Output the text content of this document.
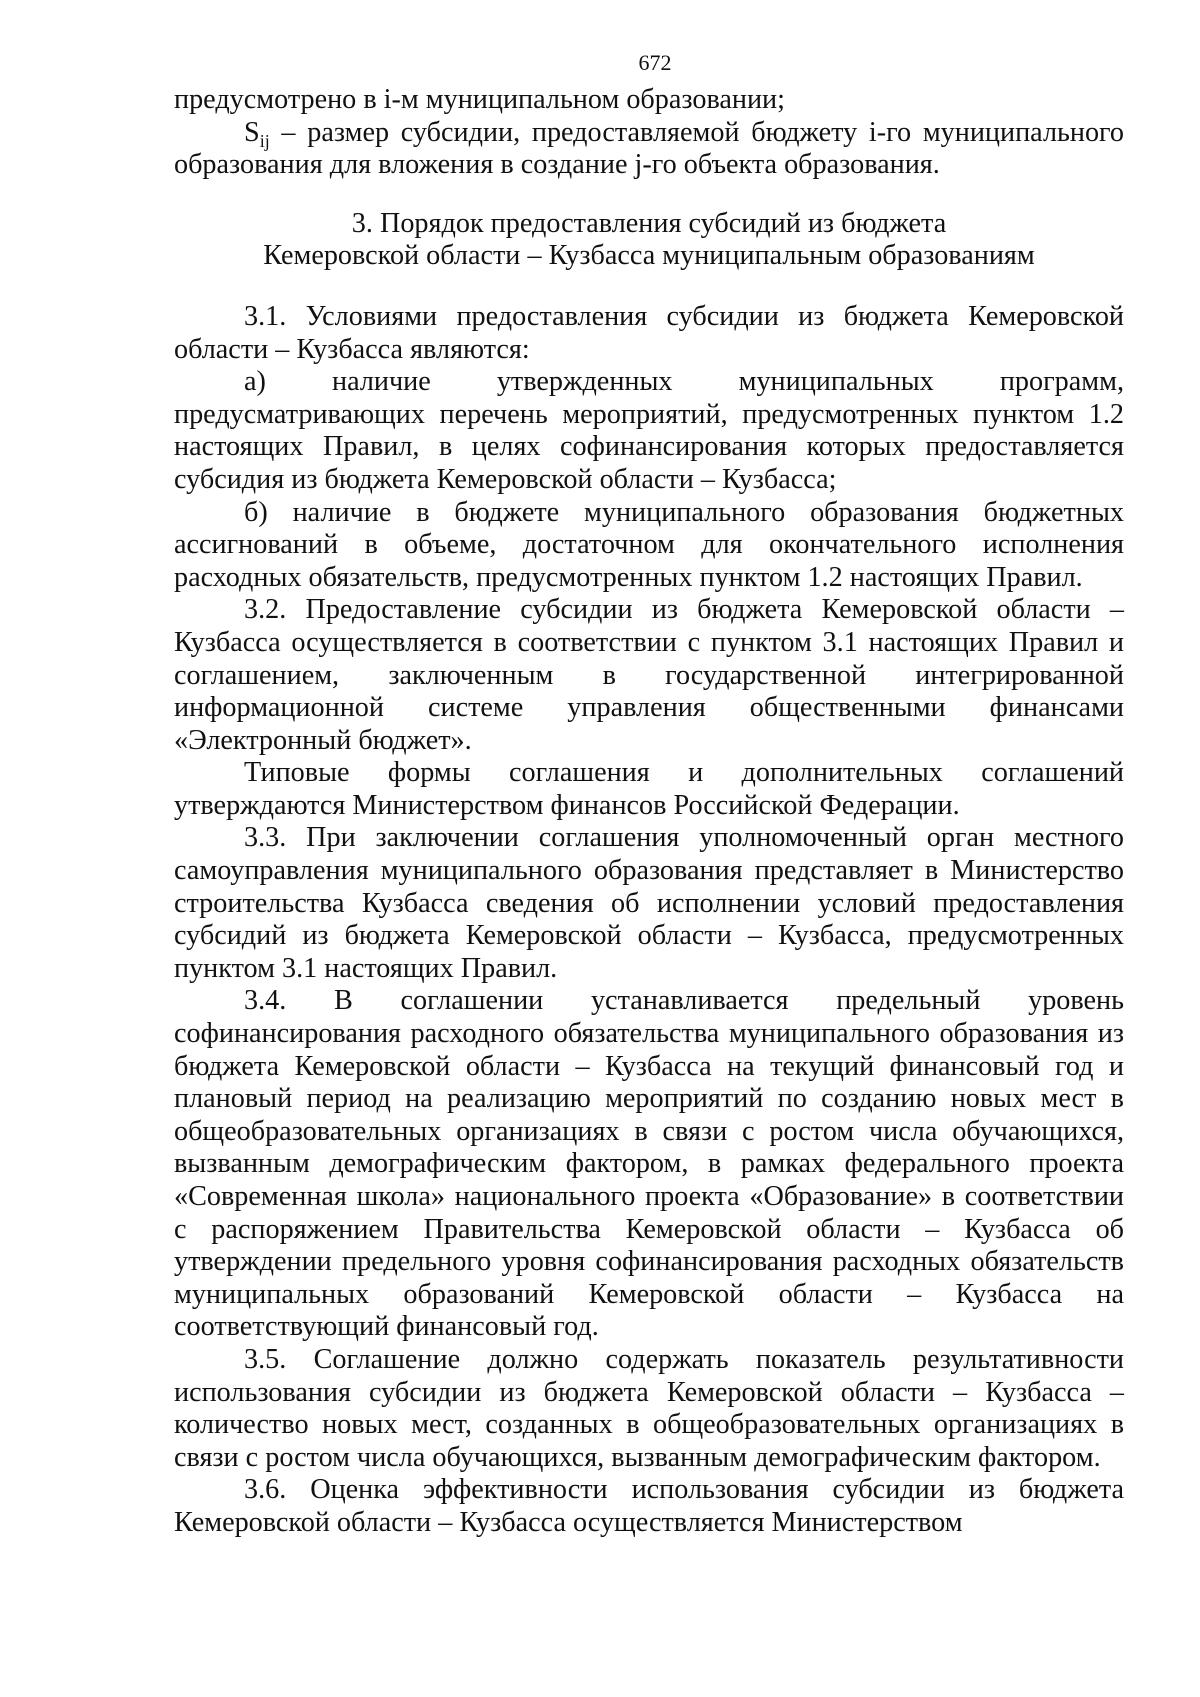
672

предусмотрено в i-м муниципальном образовании;

$S_{ij}$ – размер субсидии, предоставляемой бюджету i-го муниципального образования для вложения в создание j-го объекта образования.

3. Порядок предоставления субсидий из бюджета
Кемеровской области – Кузбасса муниципальным образованиям

3.1. Условиями предоставления субсидии из бюджета Кемеровской области – Кузбасса являются:

а) наличие утвержденных муниципальных программ, предусматривающих перечень мероприятий, предусмотренных пунктом 1.2 настоящих Правил, в целях софинансирования которых предоставляется субсидия из бюджета Кемеровской области – Кузбасса;

б) наличие в бюджете муниципального образования бюджетных ассигнований в объеме, достаточном для окончательного исполнения расходных обязательств, предусмотренных пунктом 1.2 настоящих Правил.

3.2. Предоставление субсидии из бюджета Кемеровской области – Кузбасса осуществляется в соответствии с пунктом 3.1 настоящих Правил и соглашением, заключенным в государственной интегрированной информационной системе управления общественными финансами «Электронный бюджет».

Типовые формы соглашения и дополнительных соглашений утверждаются Министерством финансов Российской Федерации.

3.3. При заключении соглашения уполномоченный орган местного самоуправления муниципального образования представляет в Министерство строительства Кузбасса сведения об исполнении условий предоставления субсидий из бюджета Кемеровской области – Кузбасса, предусмотренных пунктом 3.1 настоящих Правил.

3.4. В соглашении устанавливается предельный уровень софинансирования расходного обязательства муниципального образования из бюджета Кемеровской области – Кузбасса на текущий финансовый год и плановый период на реализацию мероприятий по созданию новых мест в общеобразовательных организациях в связи с ростом числа обучающихся, вызванным демографическим фактором, в рамках федерального проекта «Современная школа» национального проекта «Образование» в соответствии с распоряжением Правительства Кемеровской области – Кузбасса об утверждении предельного уровня софинансирования расходных обязательств муниципальных образований Кемеровской области – Кузбасса на соответствующий финансовый год.

3.5. Соглашение должно содержать показатель результативности использования субсидии из бюджета Кемеровской области – Кузбасса – количество новых мест, созданных в общеобразовательных организациях в связи с ростом числа обучающихся, вызванным демографическим фактором.

3.6. Оценка эффективности использования субсидии из бюджета Кемеровской области – Кузбасса осуществляется Министерством
